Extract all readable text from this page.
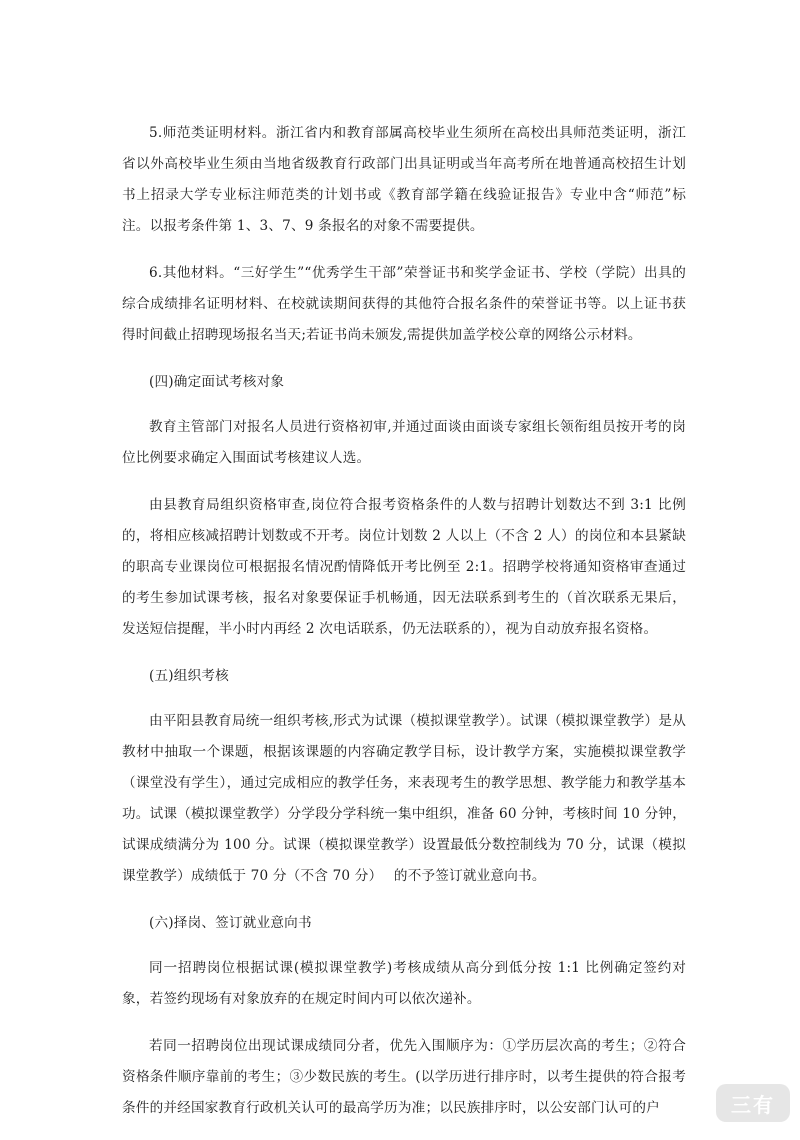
5.师范类证明材料。浙江省内和教育部属高校毕业生须所在高校出具师范类证明，浙江省以外高校毕业生须由当地省级教育行政部门出具证明或当年高考所在地普通高校招生计划书上招录大学专业标注师范类的计划书或《教育部学籍在线验证报告》专业中含“师范”标注。以报考条件第 1、3、7、9 条报名的对象不需要提供。

6.其他材料。“三好学生”“优秀学生干部”荣誉证书和奖学金证书、学校（学院）出具的综合成绩排名证明材料、在校就读期间获得的其他符合报名条件的荣誉证书等。以上证书获得时间截止招聘现场报名当天;若证书尚未颁发,需提供加盖学校公章的网络公示材料。

(四)确定面试考核对象

教育主管部门对报名人员进行资格初审,并通过面谈由面谈专家组长领衔组员按开考的岗位比例要求确定入围面试考核建议人选。

由县教育局组织资格审查,岗位符合报考资格条件的人数与招聘计划数达不到 3:1 比例的，将相应核减招聘计划数或不开考。岗位计划数 2 人以上（不含 2 人）的岗位和本县紧缺的职高专业课岗位可根据报名情况酌情降低开考比例至 2:1。招聘学校将通知资格审查通过的考生参加试课考核，报名对象要保证手机畅通，因无法联系到考生的（首次联系无果后，发送短信提醒，半小时内再经 2 次电话联系，仍无法联系的），视为自动放弃报名资格。

(五)组织考核

由平阳县教育局统一组织考核,形式为试课（模拟课堂教学）。试课（模拟课堂教学）是从教材中抽取一个课题，根据该课题的内容确定教学目标，设计教学方案，实施模拟课堂教学（课堂没有学生），通过完成相应的教学任务，来表现考生的教学思想、教学能力和教学基本功。试课（模拟课堂教学）分学段分学科统一集中组织，准备 60 分钟，考核时间 10 分钟，试课成绩满分为 100 分。试课（模拟课堂教学）设置最低分数控制线为 70 分，试课（模拟课堂教学）成绩低于 70 分（不含 70 分）　 的不予签订就业意向书。

(六)择岗、签订就业意向书

同一招聘岗位根据试课(模拟课堂教学)考核成绩从高分到低分按 1:1 比例确定签约对象，若签约现场有对象放弃的在规定时间内可以依次递补。

若同一招聘岗位出现试课成绩同分者，优先入围顺序为：①学历层次高的考生；②符合资格条件顺序靠前的考生；③少数民族的考生。(以学历进行排序时，以考生提供的符合报考条件的并经国家教育行政机关认可的最高学历为准；以民族排序时，以公安部门认可的户	三有
